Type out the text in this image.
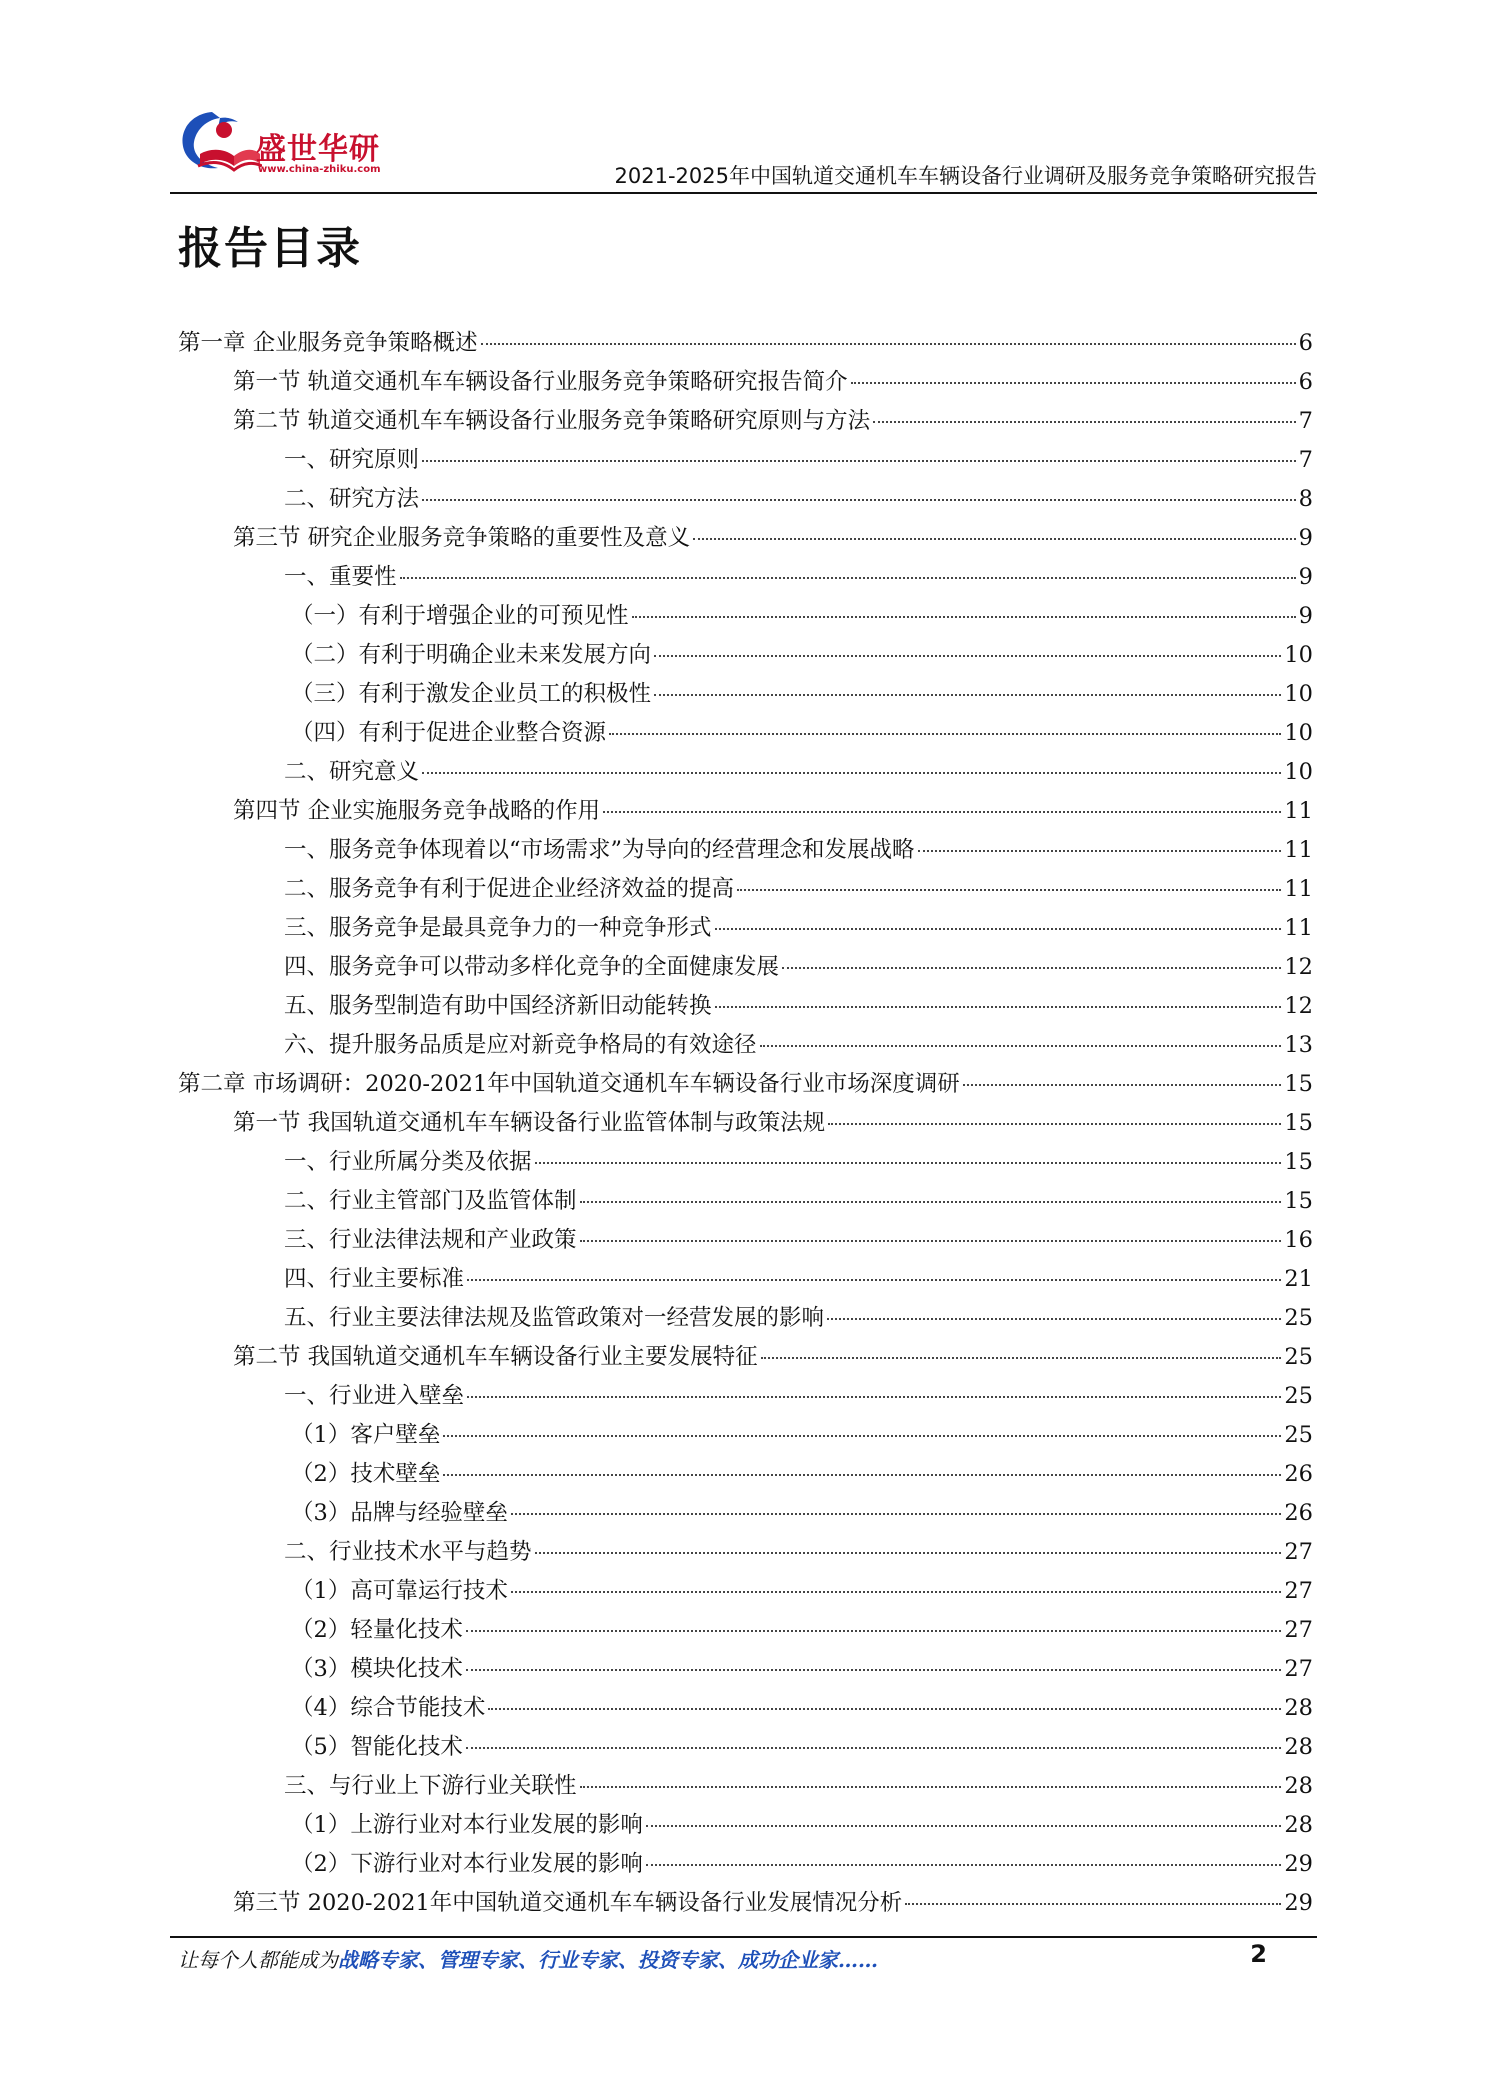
盛世华研
www.china-zhiku.com	2021-2025年中国轨道交通机车车辆设备行业调研及服务竞争策略研究报告
报告目录
第一章 企业服务竞争策略概述	6
第一节 轨道交通机车车辆设备行业服务竞争策略研究报告简介	6
第二节 轨道交通机车车辆设备行业服务竞争策略研究原则与方法	7
一、研究原则	7
二、研究方法	8
第三节 研究企业服务竞争策略的重要性及意义	9
一、重要性	9
（一）有利于增强企业的可预见性	9
（二）有利于明确企业未来发展方向	10
（三）有利于激发企业员工的积极性	10
（四）有利于促进企业整合资源	10
二、研究意义	10
第四节 企业实施服务竞争战略的作用	11
一、服务竞争体现着以“市场需求”为导向的经营理念和发展战略	11
二、服务竞争有利于促进企业经济效益的提高	11
三、服务竞争是最具竞争力的一种竞争形式	11
四、服务竞争可以带动多样化竞争的全面健康发展	12
五、服务型制造有助中国经济新旧动能转换	12
六、提升服务品质是应对新竞争格局的有效途径	13
第二章 市场调研：2020-2021年中国轨道交通机车车辆设备行业市场深度调研	15
第一节 我国轨道交通机车车辆设备行业监管体制与政策法规	15
一、行业所属分类及依据	15
二、行业主管部门及监管体制	15
三、行业法律法规和产业政策	16
四、行业主要标准	21
五、行业主要法律法规及监管政策对一经营发展的影响	25
第二节 我国轨道交通机车车辆设备行业主要发展特征	25
一、行业进入壁垒	25
（1）客户壁垒	25
（2）技术壁垒	26
（3）品牌与经验壁垒	26
二、行业技术水平与趋势	27
（1）高可靠运行技术	27
（2）轻量化技术	27
（3）模块化技术	27
（4）综合节能技术	28
（5）智能化技术	28
三、与行业上下游行业关联性	28
（1）上游行业对本行业发展的影响	28
（2）下游行业对本行业发展的影响	29
第三节 2020-2021年中国轨道交通机车车辆设备行业发展情况分析	29
让每个人都能成为战略专家、管理专家、行业专家、投资专家、成功企业家……	2
